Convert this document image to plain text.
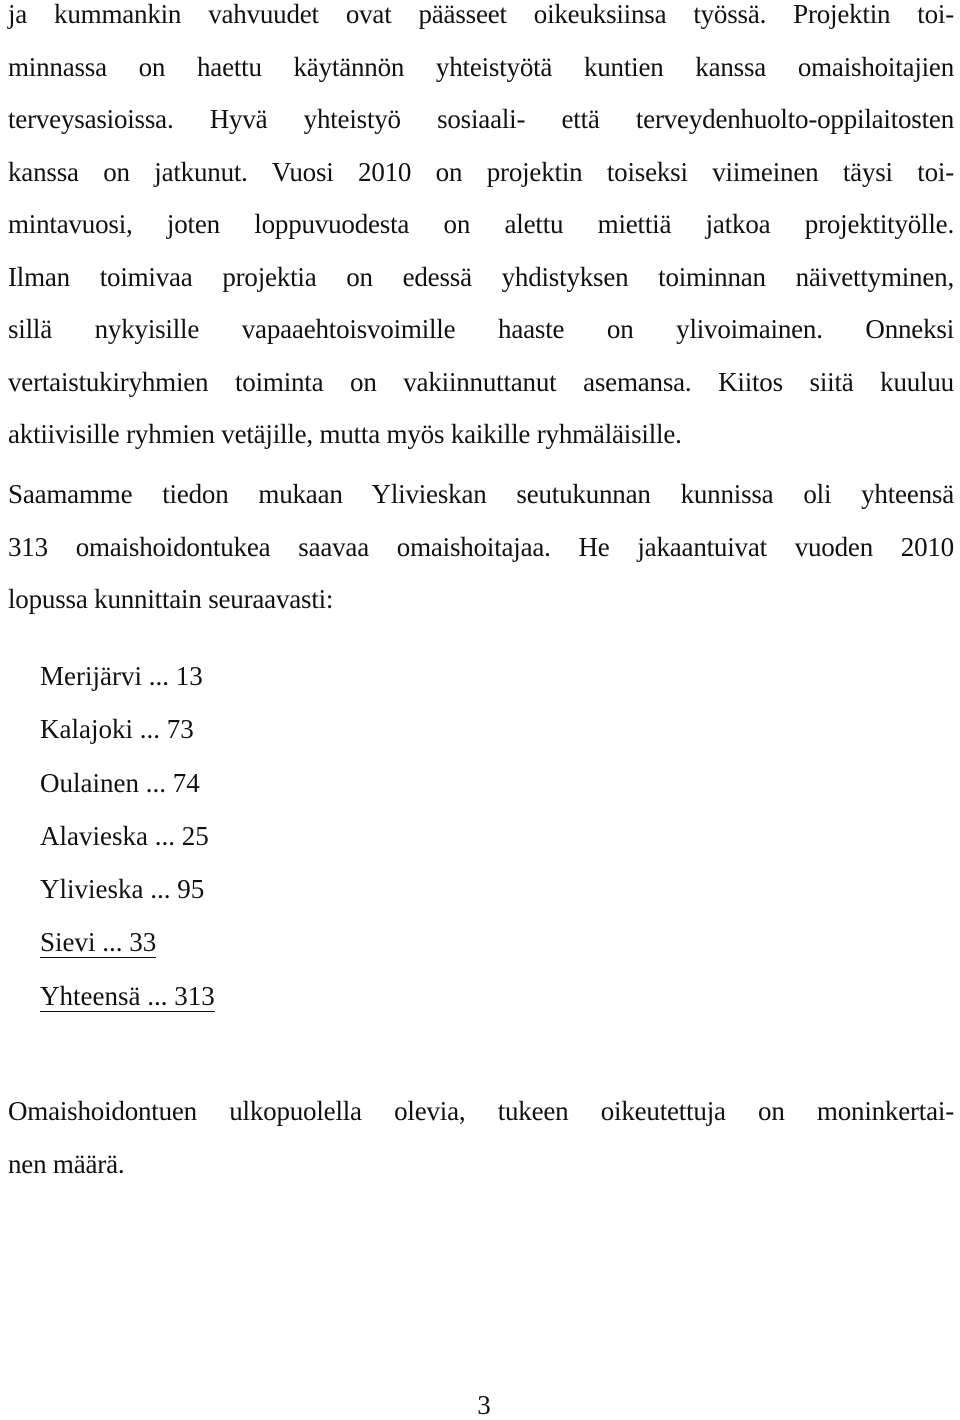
ja kummankin vahvuudet ovat päässeet oikeuksiinsa työssä. Projektin toi-
minnassa on haettu käytännön yhteistyötä kuntien kanssa omaishoitajien
terveysasioissa. Hyvä yhteistyö sosiaali- että terveydenhuolto-oppilaitosten
kanssa on jatkunut. Vuosi 2010 on projektin toiseksi viimeinen täysi toi-
mintavuosi, joten loppuvuodesta on alettu miettiä jatkoa projektityölle.
Ilman toimivaa projektia on edessä yhdistyksen toiminnan näivettyminen,
sillä nykyisille vapaaehtoisvoimille haaste on ylivoimainen. Onneksi
vertaistukiryhmien toiminta on vakiinnuttanut asemansa. Kiitos siitä kuuluu
aktiivisille ryhmien vetäjille, mutta myös kaikille ryhmäläisille.

Saamamme tiedon mukaan Ylivieskan seutukunnan kunnissa oli yhteensä
313 omaishoidontukea saavaa omaishoitajaa. He jakaantuivat vuoden 2010
lopussa kunnittain seuraavasti:

Merijärvi ... 13
Kalajoki ... 73
Oulainen ... 74
Alavieska ... 25
Ylivieska ... 95
Sievi ... 33
Yhteensä ... 313

Omaishoidontuen ulkopuolella olevia, tukeen oikeutettuja on moninkertai-
nen määrä.

3
